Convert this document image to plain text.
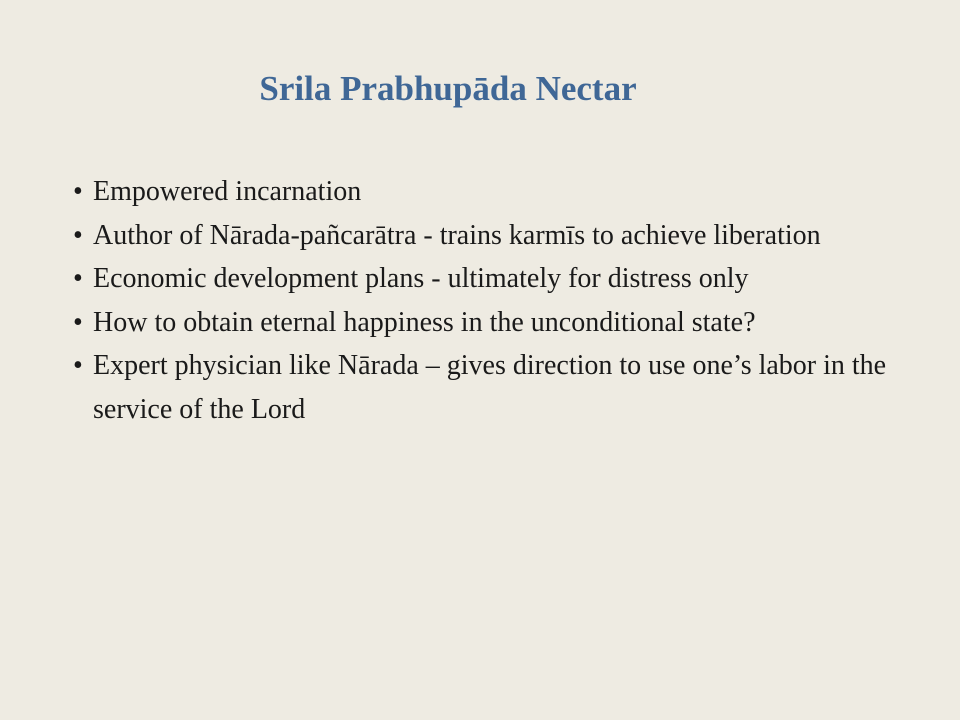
Srila Prabhupāda Nectar
• Empowered incarnation
• Author of Nārada-pañcarātra - trains karmīs to achieve liberation
• Economic development plans - ultimately for distress only
• How to obtain eternal happiness in the unconditional state?
• Expert physician like Nārada – gives direction to use one’s labor in the service of the Lord
